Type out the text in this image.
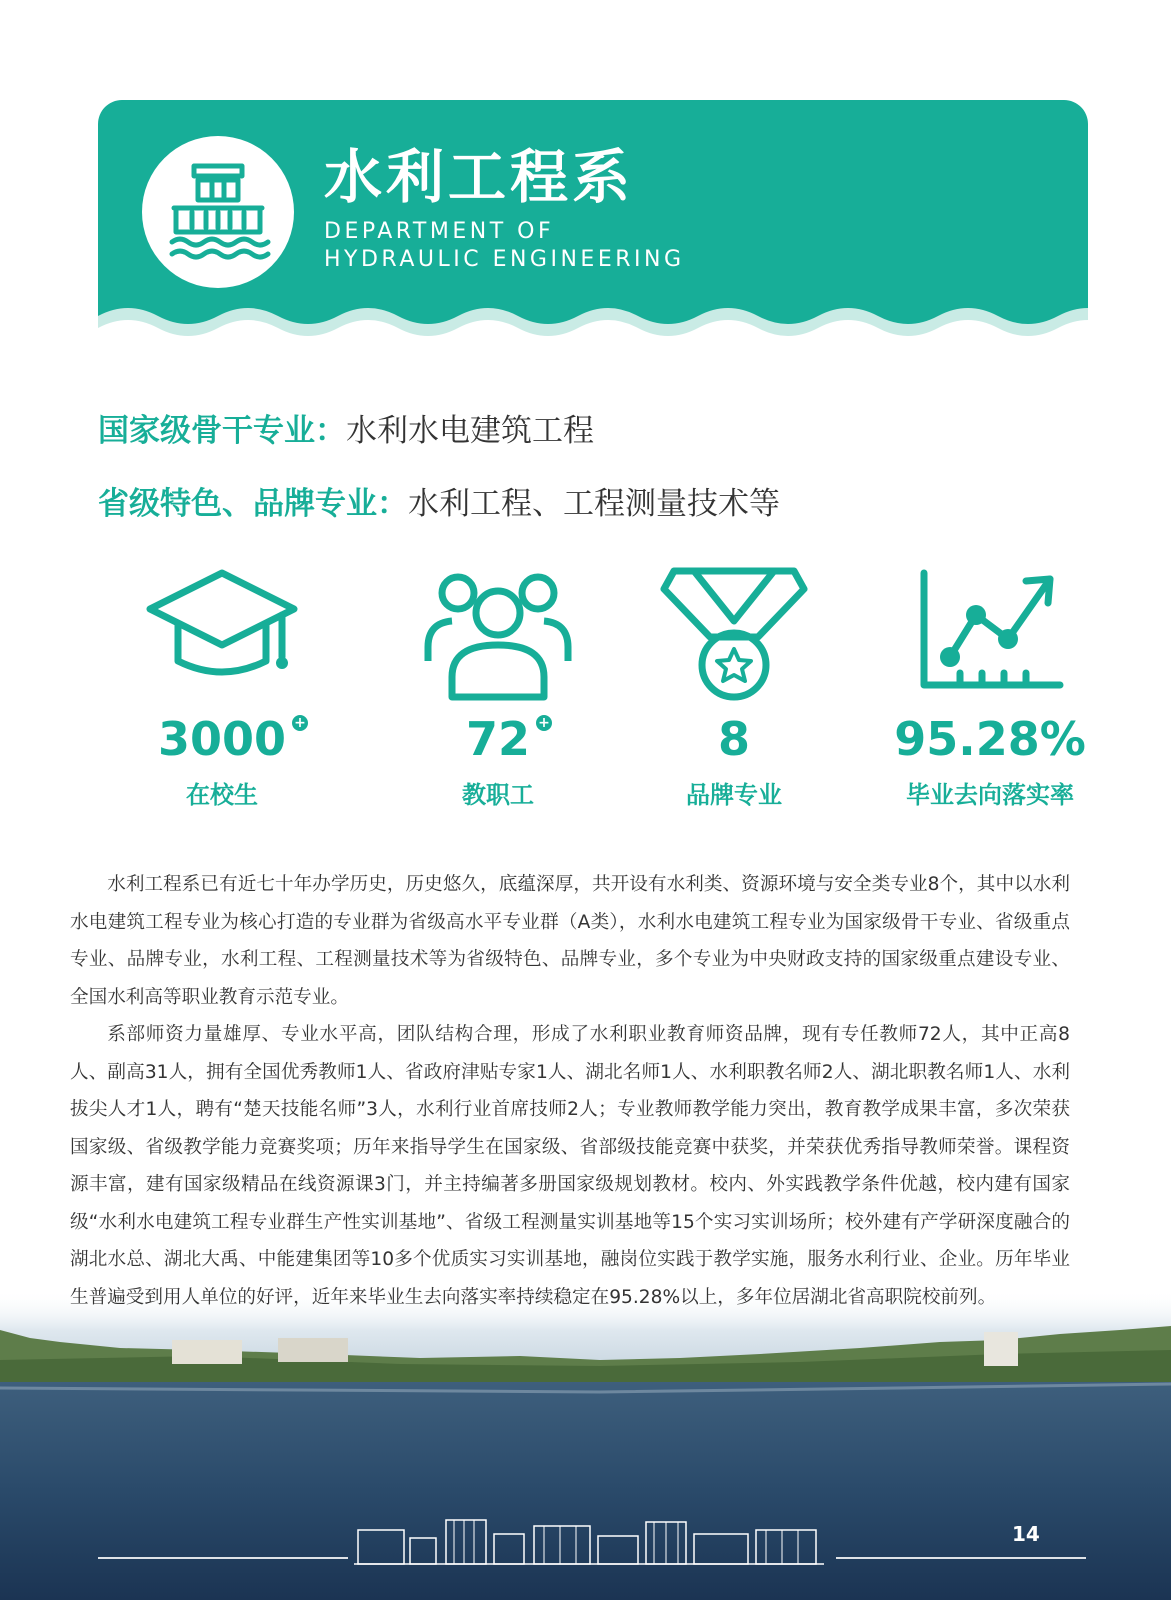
水利工程系
DEPARTMENT OF
HYDRAULIC ENGINEERING
国家级骨干专业：水利水电建筑工程
省级特色、品牌专业：水利工程、工程测量技术等
3000 +
在校生
72 +
教职工
8
品牌专业
95.28%
毕业去向落实率

水利工程系已有近七十年办学历史，历史悠久，底蕴深厚，共开设有水利类、资源环境与安全类专业8个，其中以水利水电建筑工程专业为核心打造的专业群为省级高水平专业群（A类），水利水电建筑工程专业为国家级骨干专业、省级重点专业、品牌专业，水利工程、工程测量技术等为省级特色、品牌专业，多个专业为中央财政支持的国家级重点建设专业、全国水利高等职业教育示范专业。

系部师资力量雄厚、专业水平高，团队结构合理，形成了水利职业教育师资品牌，现有专任教师72人，其中正高8人、副高31人，拥有全国优秀教师1人、省政府津贴专家1人、湖北名师1人、水利职教名师2人、湖北职教名师1人、水利拔尖人才1人，聘有“楚天技能名师”3人，水利行业首席技师2人；专业教师教学能力突出，教育教学成果丰富，多次荣获国家级、省级教学能力竞赛奖项；历年来指导学生在国家级、省部级技能竞赛中获奖，并荣获优秀指导教师荣誉。课程资源丰富，建有国家级精品在线资源课3门，并主持编著多册国家级规划教材。校内、外实践教学条件优越，校内建有国家级“水利水电建筑工程专业群生产性实训基地”、省级工程测量实训基地等15个实习实训场所；校外建有产学研深度融合的湖北水总、湖北大禹、中能建集团等10多个优质实习实训基地，融岗位实践于教学实施，服务水利行业、企业。历年毕业生普遍受到用人单位的好评，近年来毕业生去向落实率持续稳定在95.28%以上，多年位居湖北省高职院校前列。

14
